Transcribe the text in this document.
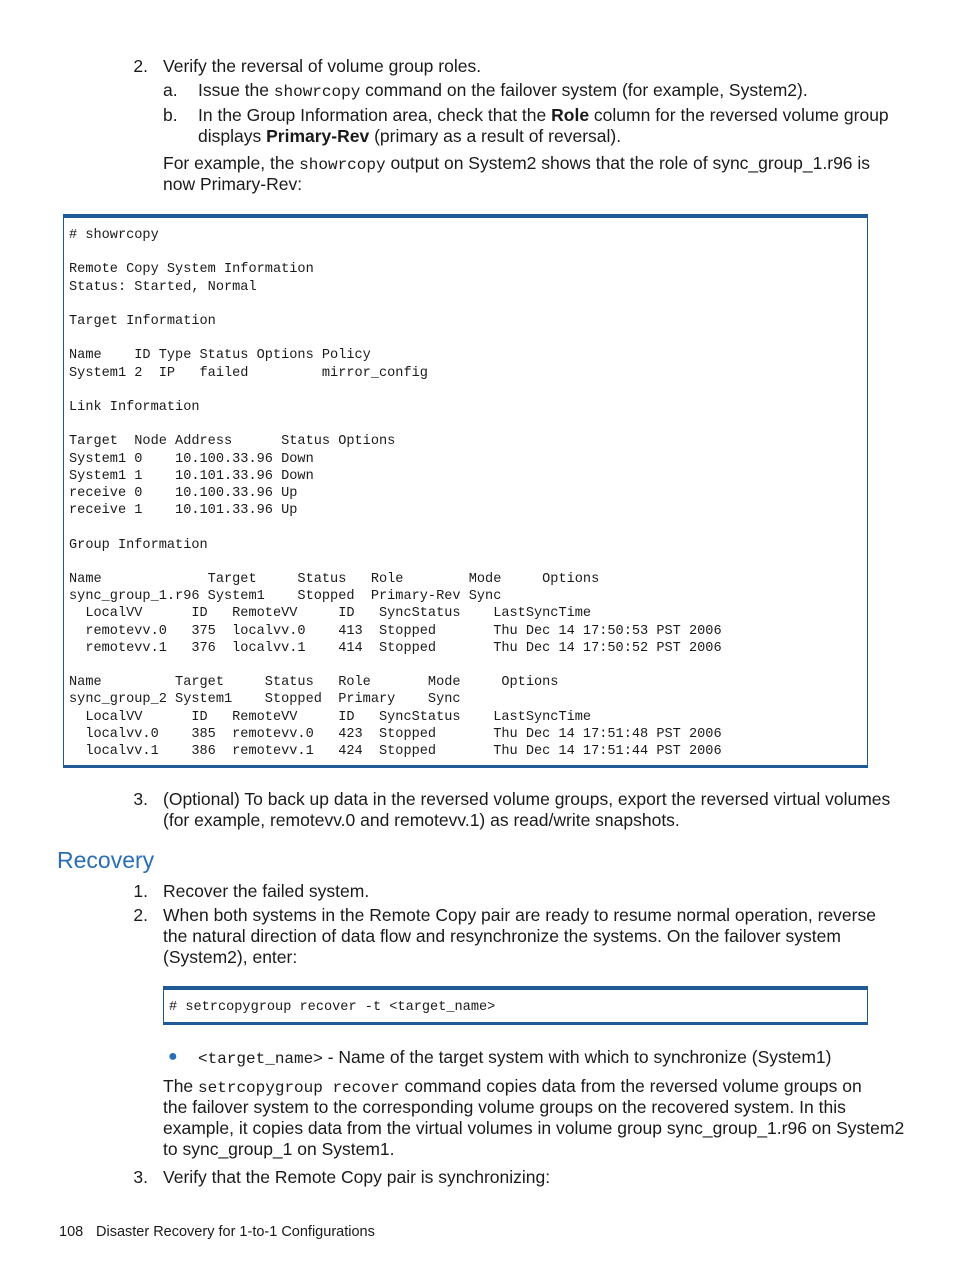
2. Verify the reversal of volume group roles.
a. Issue the showrcopy command on the failover system (for example, System2).
b. In the Group Information area, check that the Role column for the reversed volume group
displays Primary-Rev (primary as a result of reversal).
For example, the showrcopy output on System2 shows that the role of sync_group_1.r96 is
now Primary-Rev:
# showrcopy

Remote Copy System Information
Status: Started, Normal

Target Information

Name    ID Type Status Options Policy
System1 2  IP   failed         mirror_config

Link Information

Target  Node Address      Status Options
System1 0    10.100.33.96 Down
System1 1    10.101.33.96 Down
receive 0    10.100.33.96 Up
receive 1    10.101.33.96 Up

Group Information

Name             Target     Status   Role        Mode     Options
sync_group_1.r96 System1    Stopped  Primary-Rev Sync
LocalVV      ID   RemoteVV     ID   SyncStatus    LastSyncTime
remotevv.0   375  localvv.0    413  Stopped       Thu Dec 14 17:50:53 PST 2006
remotevv.1   376  localvv.1    414  Stopped       Thu Dec 14 17:50:52 PST 2006

Name         Target     Status   Role       Mode     Options
sync_group_2 System1    Stopped  Primary    Sync
LocalVV      ID   RemoteVV     ID   SyncStatus    LastSyncTime
localvv.0    385  remotevv.0   423  Stopped       Thu Dec 14 17:51:48 PST 2006
localvv.1    386  remotevv.1   424  Stopped       Thu Dec 14 17:51:44 PST 2006
3. (Optional) To back up data in the reversed volume groups, export the reversed virtual volumes
(for example, remotevv.0 and remotevv.1) as read/write snapshots.
Recovery
1. Recover the failed system.
2. When both systems in the Remote Copy pair are ready to resume normal operation, reverse
the natural direction of data flow and resynchronize the systems. On the failover system
(System2), enter:
# setrcopygroup recover -t <target_name>
● <target_name> - Name of the target system with which to synchronize (System1)
The setrcopygroup recover command copies data from the reversed volume groups on
the failover system to the corresponding volume groups on the recovered system. In this
example, it copies data from the virtual volumes in volume group sync_group_1.r96 on System2
to sync_group_1 on System1.
3. Verify that the Remote Copy pair is synchronizing:
108 Disaster Recovery for 1-to-1 Configurations
